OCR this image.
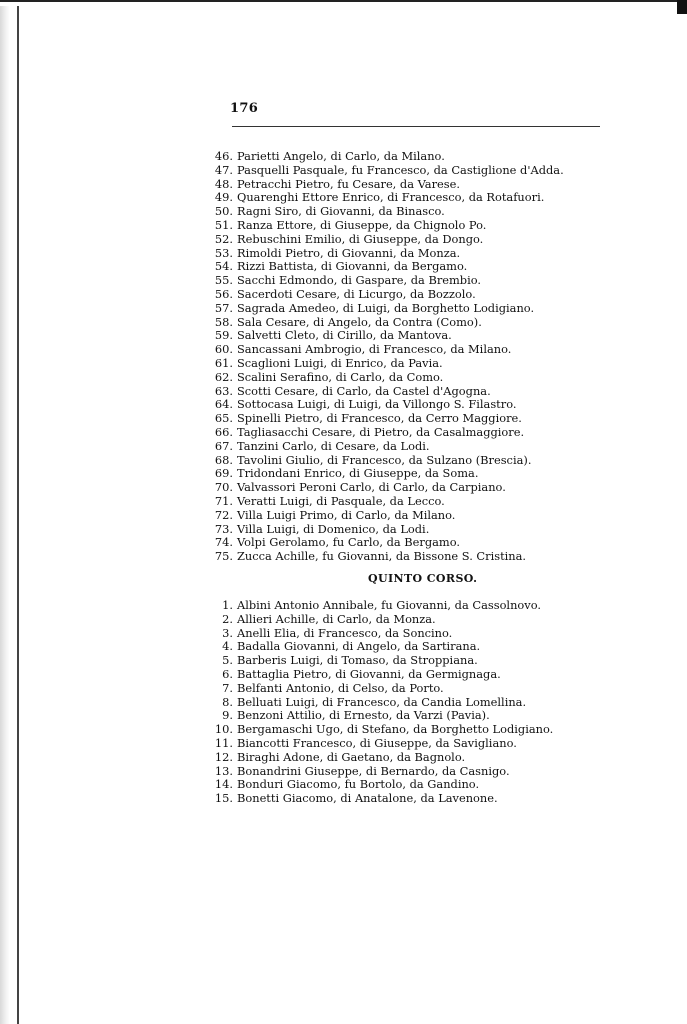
176
46. Parietti Angelo, di Carlo, da Milano.
47. Pasquelli Pasquale, fu Francesco, da Castiglione d'Adda.
48. Petracchi Pietro, fu Cesare, da Varese.
49. Quarenghi Ettore Enrico, di Francesco, da Rotafuori.
50. Ragni Siro, di Giovanni, da Binasco.
51. Ranza Ettore, di Giuseppe, da Chignolo Po.
52. Rebuschini Emilio, di Giuseppe, da Dongo.
53. Rimoldi Pietro, di Giovanni, da Monza.
54. Rizzi Battista, di Giovanni, da Bergamo.
55. Sacchi Edmondo, di Gaspare, da Brembio.
56. Sacerdoti Cesare, di Licurgo, da Bozzolo.
57. Sagrada Amedeo, di Luigi, da Borghetto Lodigiano.
58. Sala Cesare, di Angelo, da Contra (Como).
59. Salvetti Cleto, di Cirillo, da Mantova.
60. Sancassani Ambrogio, di Francesco, da Milano.
61. Scaglioni Luigi, di Enrico, da Pavia.
62. Scalini Serafino, di Carlo, da Como.
63. Scotti Cesare, di Carlo, da Castel d'Agogna.
64. Sottocasa Luigi, di Luigi, da Villongo S. Filastro.
65. Spinelli Pietro, di Francesco, da Cerro Maggiore.
66. Tagliasacchi Cesare, di Pietro, da Casalmaggiore.
67. Tanzini Carlo, di Cesare, da Lodi.
68. Tavolini Giulio, di Francesco, da Sulzano (Brescia).
69. Tridondani Enrico, di Giuseppe, da Soma.
70. Valvassori Peroni Carlo, di Carlo, da Carpiano.
71. Veratti Luigi, di Pasquale, da Lecco.
72. Villa Luigi Primo, di Carlo, da Milano.
73. Villa Luigi, di Domenico, da Lodi.
74. Volpi Gerolamo, fu Carlo, da Bergamo.
75. Zucca Achille, fu Giovanni, da Bissone S. Cristina.
QUINTO CORSO.
1. Albini Antonio Annibale, fu Giovanni, da Cassolnovo.
2. Allieri Achille, di Carlo, da Monza.
3. Anelli Elia, di Francesco, da Soncino.
4. Badalla Giovanni, di Angelo, da Sartirana.
5. Barberis Luigi, di Tomaso, da Stroppiana.
6. Battaglia Pietro, di Giovanni, da Germignaga.
7. Belfanti Antonio, di Celso, da Porto.
8. Belluati Luigi, di Francesco, da Candia Lomellina.
9. Benzoni Attilio, di Ernesto, da Varzi (Pavia).
10. Bergamaschi Ugo, di Stefano, da Borghetto Lodigiano.
11. Biancotti Francesco, di Giuseppe, da Savigliano.
12. Biraghi Adone, di Gaetano, da Bagnolo.
13. Bonandrini Giuseppe, di Bernardo, da Casnigo.
14. Bonduri Giacomo, fu Bortolo, da Gandino.
15. Bonetti Giacomo, di Anatalone, da Lavenone.
